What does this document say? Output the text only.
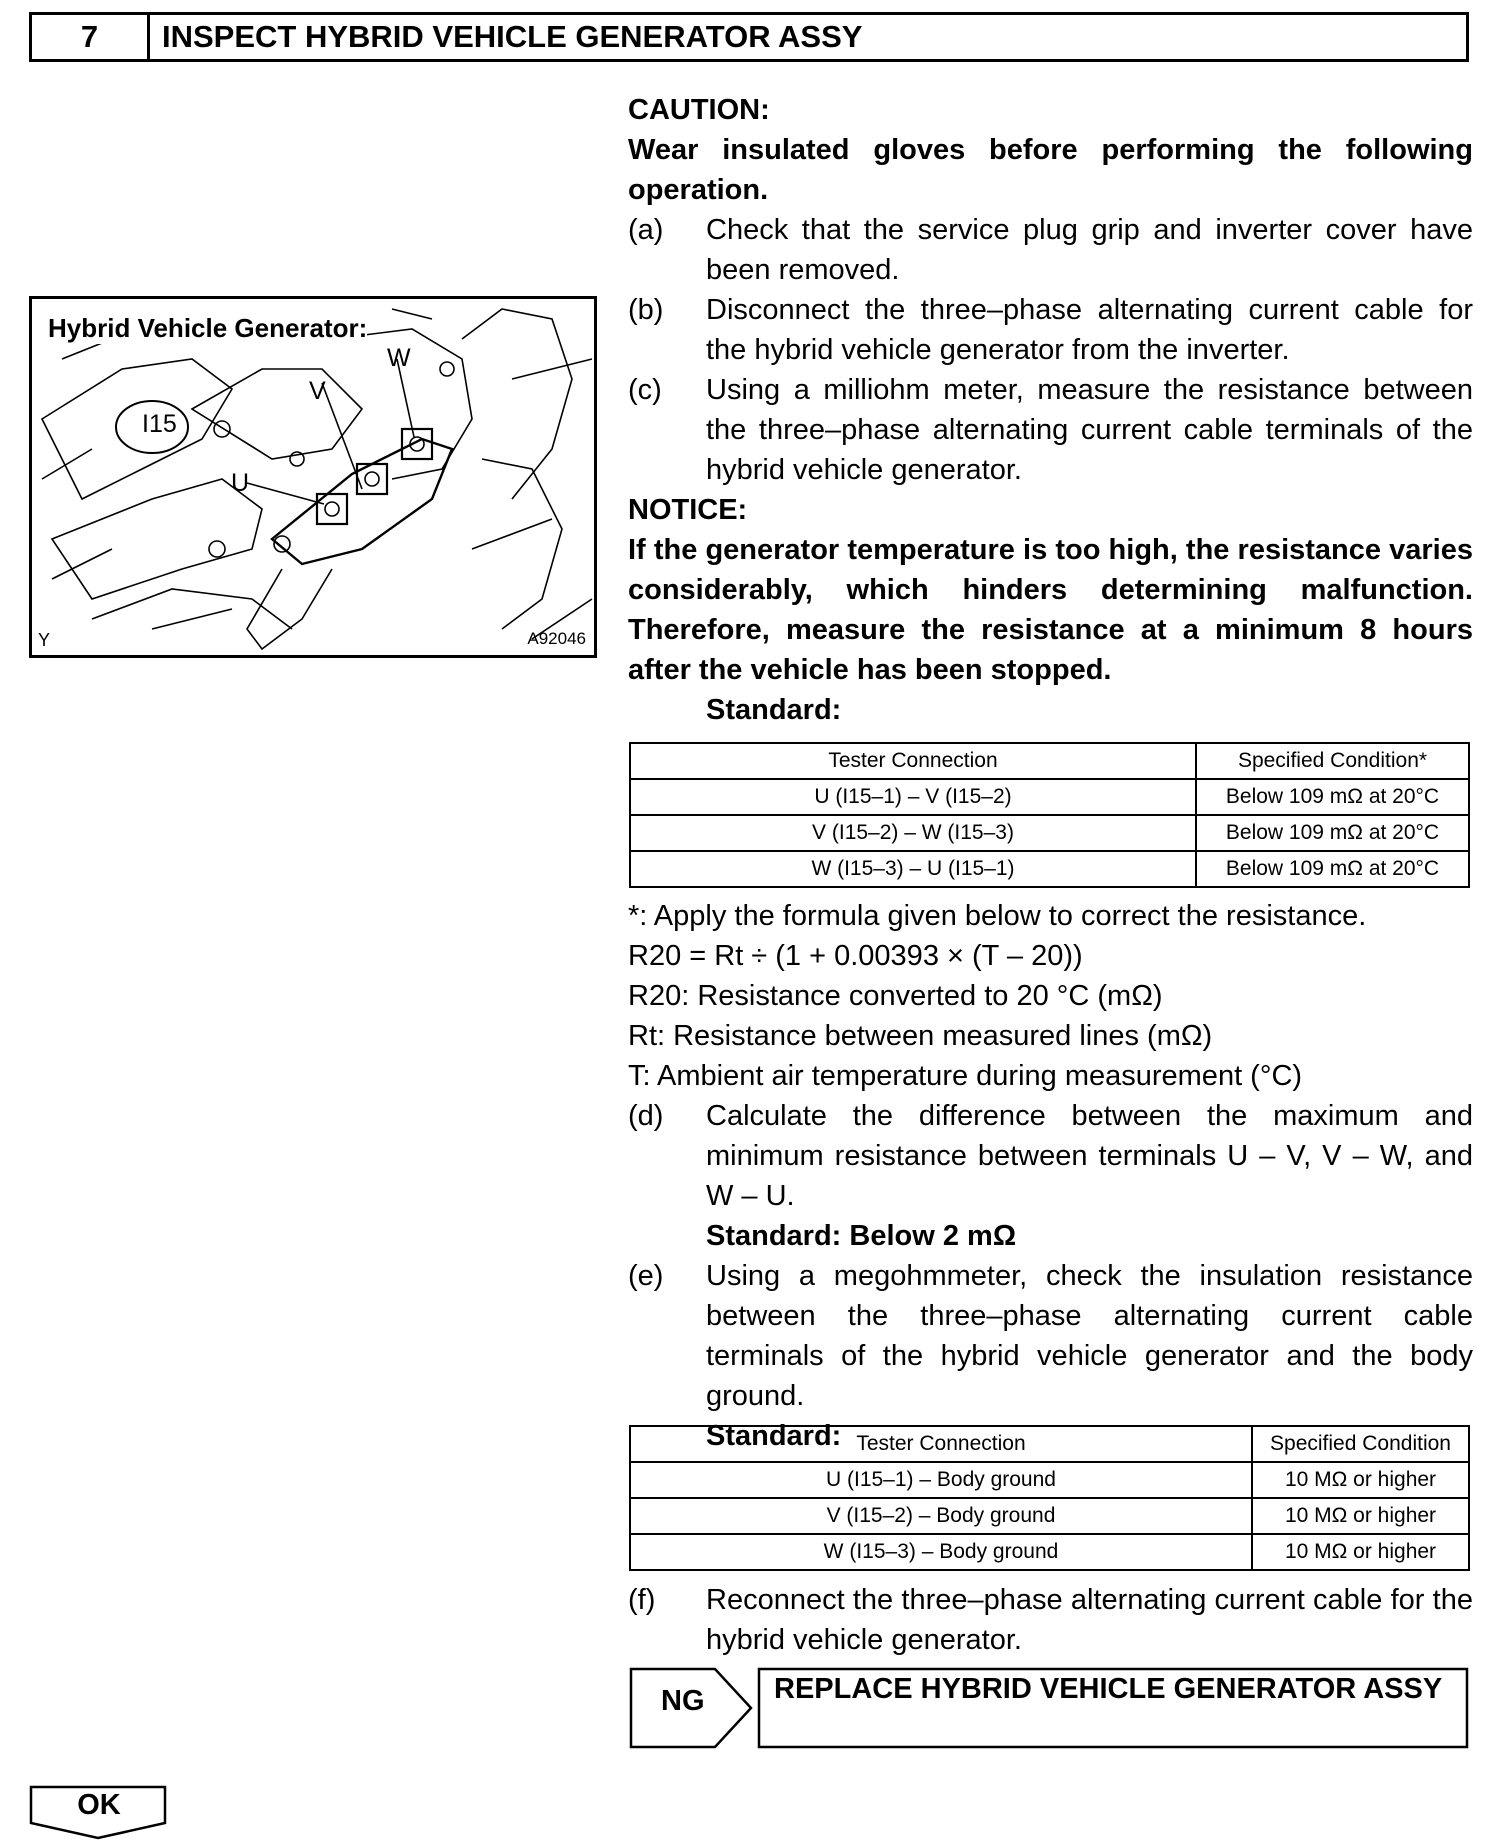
7	INSPECT HYBRID VEHICLE GENERATOR ASSY
Hybrid Vehicle Generator:
I15
U
V
W
Y	A92046
CAUTION:
Wear insulated gloves before performing the following operation.
(a)	Check that the service plug grip and inverter cover have been removed.
(b)	Disconnect the three–phase alternating current cable for the hybrid vehicle generator from the inverter.
(c)	Using a milliohm meter, measure the resistance between the three–phase alternating current cable terminals of the hybrid vehicle generator.
NOTICE:
If the generator temperature is too high, the resistance varies considerably, which hinders determining malfunction. Therefore, measure the resistance at a minimum 8 hours after the vehicle has been stopped.
Standard:
Tester Connection	Specified Condition*
U (I15–1) – V (I15–2)	Below 109 mΩ at 20°C
V (I15–2) – W (I15–3)	Below 109 mΩ at 20°C
W (I15–3) – U (I15–1)	Below 109 mΩ at 20°C
*: Apply the formula given below to correct the resistance.
R20 = Rt ÷ (1 + 0.00393 × (T – 20))
R20: Resistance converted to 20 °C (mΩ)
Rt: Resistance between measured lines (mΩ)
T: Ambient air temperature during measurement (°C)
(d)	Calculate the difference between the maximum and minimum resistance between terminals U – V, V – W, and W – U.
Standard: Below 2 mΩ
(e)	Using a megohmmeter, check the insulation resistance between the three–phase alternating current cable terminals of the hybrid vehicle generator and the body ground.
Standard: Tester Connection	Specified Condition
U (I15–1) – Body ground	10 MΩ or higher
V (I15–2) – Body ground	10 MΩ or higher
W (I15–3) – Body ground	10 MΩ or higher
(f)	Reconnect the three–phase alternating current cable for the hybrid vehicle generator.
NG REPLACE HYBRID VEHICLE GENERATOR ASSY
OK
